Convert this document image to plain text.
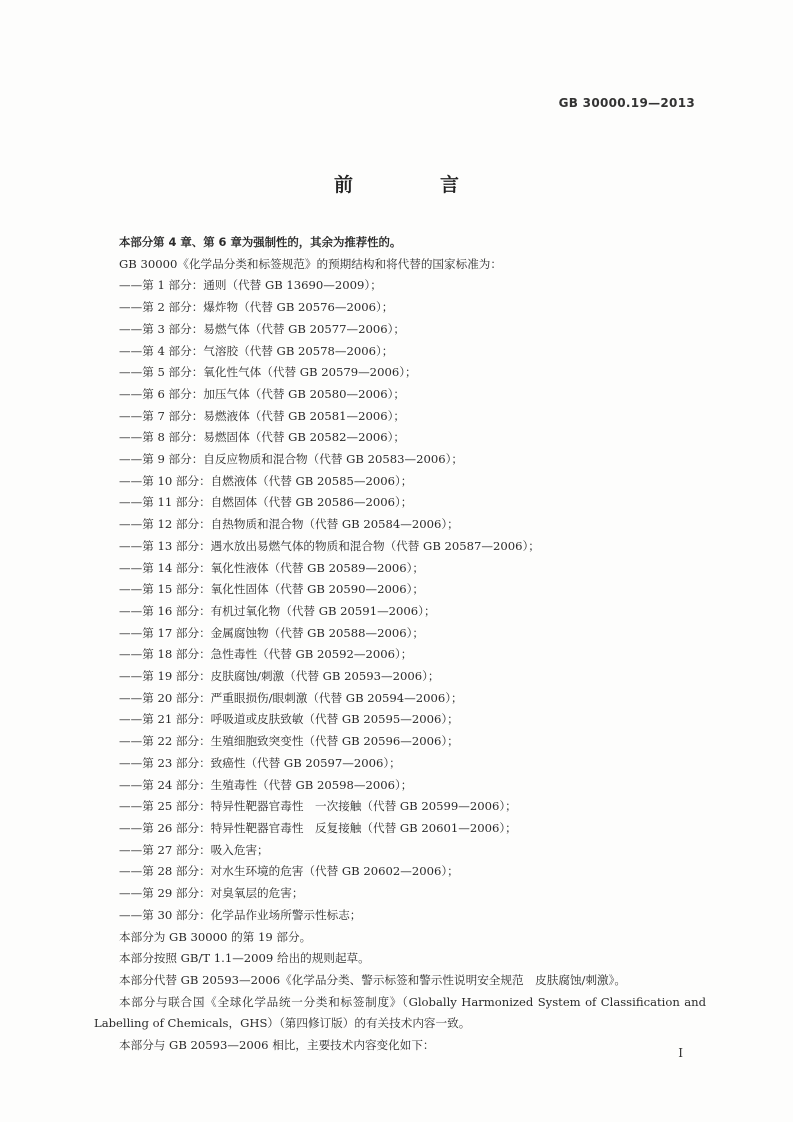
GB 30000.19—2013
前　言

本部分第 4 章、第 6 章为强制性的，其余为推荐性的。

GB 30000《化学品分类和标签规范》的预期结构和将代替的国家标准为：

——第 1 部分：通则（代替 GB 13690—2009）；

——第 2 部分：爆炸物（代替 GB 20576—2006）；

——第 3 部分：易燃气体（代替 GB 20577—2006）；

——第 4 部分：气溶胶（代替 GB 20578—2006）；

——第 5 部分：氧化性气体（代替 GB 20579—2006）；

——第 6 部分：加压气体（代替 GB 20580—2006）；

——第 7 部分：易燃液体（代替 GB 20581—2006）；

——第 8 部分：易燃固体（代替 GB 20582—2006）；

——第 9 部分：自反应物质和混合物（代替 GB 20583—2006）；

——第 10 部分：自燃液体（代替 GB 20585—2006）；

——第 11 部分：自燃固体（代替 GB 20586—2006）；

——第 12 部分：自热物质和混合物（代替 GB 20584—2006）；

——第 13 部分：遇水放出易燃气体的物质和混合物（代替 GB 20587—2006）；

——第 14 部分：氧化性液体（代替 GB 20589—2006）；

——第 15 部分：氧化性固体（代替 GB 20590—2006）；

——第 16 部分：有机过氧化物（代替 GB 20591—2006）；

——第 17 部分：金属腐蚀物（代替 GB 20588—2006）；

——第 18 部分：急性毒性（代替 GB 20592—2006）；

——第 19 部分：皮肤腐蚀/刺激（代替 GB 20593—2006）；

——第 20 部分：严重眼损伤/眼刺激（代替 GB 20594—2006）；

——第 21 部分：呼吸道或皮肤致敏（代替 GB 20595—2006）；

——第 22 部分：生殖细胞致突变性（代替 GB 20596—2006）；

——第 23 部分：致癌性（代替 GB 20597—2006）；

——第 24 部分：生殖毒性（代替 GB 20598—2006）；

——第 25 部分：特异性靶器官毒性　一次接触（代替 GB 20599—2006）；

——第 26 部分：特异性靶器官毒性　反复接触（代替 GB 20601—2006）；

——第 27 部分：吸入危害；

——第 28 部分：对水生环境的危害（代替 GB 20602—2006）；

——第 29 部分：对臭氧层的危害；

——第 30 部分：化学品作业场所警示性标志；

本部分为 GB 30000 的第 19 部分。

本部分按照 GB/T 1.1—2009 给出的规则起草。

本部分代替 GB 20593—2006《化学品分类、警示标签和警示性说明安全规范　皮肤腐蚀/刺激》。

本部分与联合国《全球化学品统一分类和标签制度》（Globally Harmonized System of Classification and Labelling of Chemicals，GHS）（第四修订版）的有关技术内容一致。

本部分与 GB 20593—2006 相比，主要技术内容变化如下：

I
